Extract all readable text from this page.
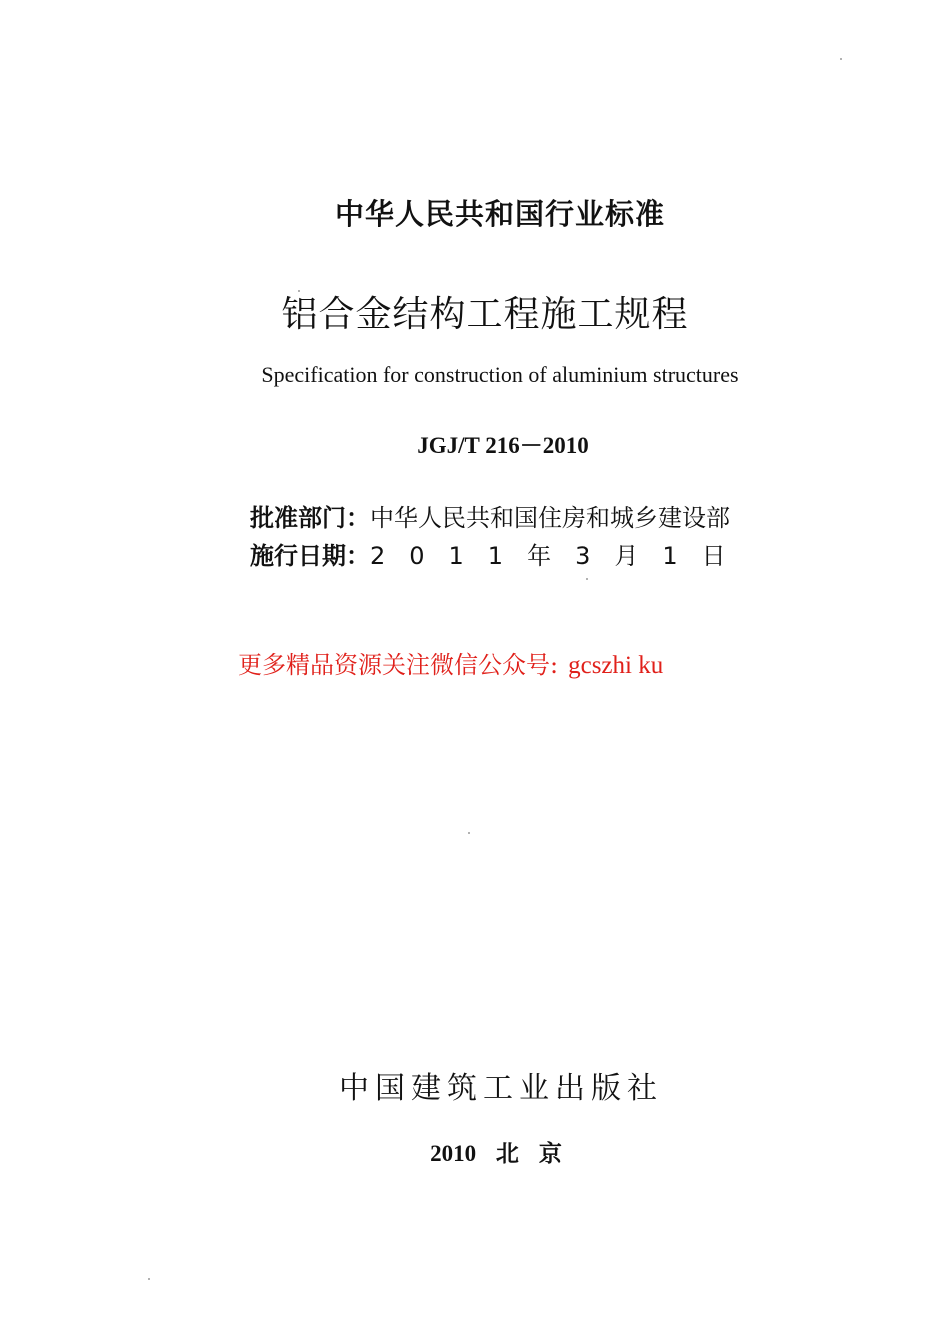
中华人民共和国行业标准
铝合金结构工程施工规程
Specification for construction of aluminium structures
JGJ/T 216－2010
批准部门：中华人民共和国住房和城乡建设部
施行日期：2011年3月1日
更多精品资源关注微信公众号: gcszhi ku
中国建筑工业出版社
2010 北京
